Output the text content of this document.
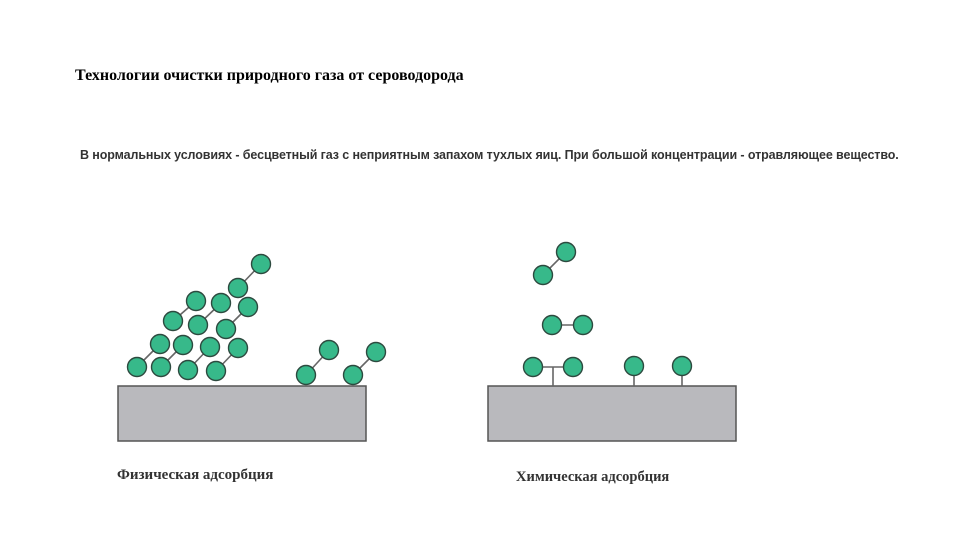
Технологии очистки природного газа от сероводорода
В нормальных условиях - бесцветный газ с неприятным запахом тухлых яиц. При большой концентрации - отравляющее вещество.
Физическая адсорбция	Химическая адсорбция
